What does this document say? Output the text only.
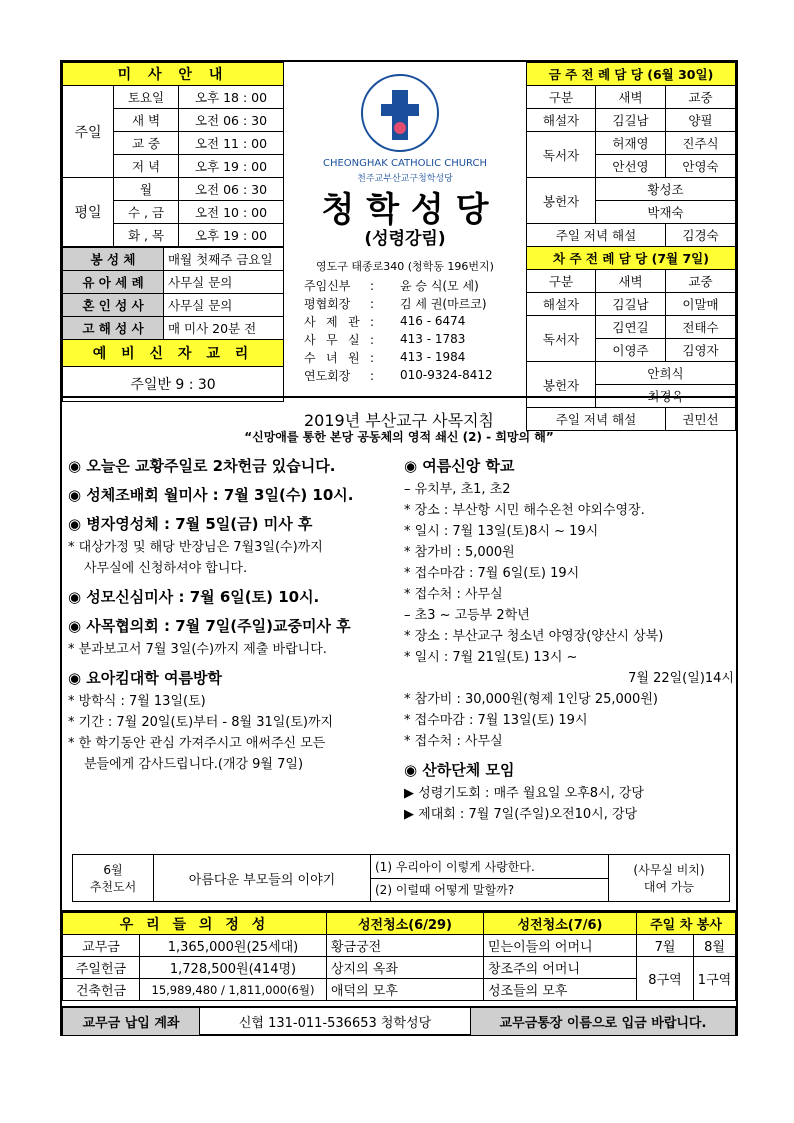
미 사 안 내		
주일	토요일	오후 18 : 00
	새 벽	오전 06 : 30
	교 중	오전 11 : 00
	저 녁	오후 19 : 00
평일	월	오전 06 : 30
	수 , 금	오전 10 : 00
	화 , 목	오후 19 : 00
봉 성 체	매월 첫째주 금요일
유 아 세 례	사무실 문의
혼 인 성 사	사무실 문의
고 해 성 사	매 미사 20분 전
예 비 신 자 교 리	
주일반 9 : 30	
CHEONGHAK CATHOLIC CHURCH
천주교부산교구청학성당
청 학 성 당
(성령강림)
영도구 태종로340 (청학동 196번지)
주임신부 :	윤 승 식(모 세)
평협회장 :	김 세 권(마르코)
사 제 관 :	416 - 6474
사 무 실 :	413 - 1783
수 녀 원 :	413 - 1984
연도회장 :	010-9324-8412
금 주 전 례 담 당 (6월 30일)		
구분	새벽	교중
해설자	김길남	양필
독서자	허재영	진주식
	안선영	안영숙
봉헌자	황성조	
	박재숙	
주일 저녁 해설		김경숙
차 주 전 례 담 당 (7월 7일)		
구분	새벽	교중
해설자	김길남	이말매
독서자	김연길	전태수
	이영주	김영자
봉헌자	안희식	
	최경옥	
주일 저녁 해설		권민선
2019년 부산교구 사목지침
“신망애를 통한 본당 공동체의 영적 쇄신 (2) - 희망의 해”
◉ 오늘은 교황주일로 2차헌금 있습니다.
◉ 성체조배회 월미사 : 7월 3일(수) 10시.
◉ 병자영성체 : 7월 5일(금) 미사 후
* 대상가정 및 해당 반장님은 7월3일(수)까지
사무실에 신청하셔야 합니다.
◉ 성모신심미사 : 7월 6일(토) 10시.
◉ 사목협의회 : 7월 7일(주일)교중미사 후
* 분과보고서 7월 3일(수)까지 제출 바랍니다.
◉ 요아킴대학 여름방학
* 방학식 : 7월 13일(토)
* 기간 : 7월 20일(토)부터 - 8월 31일(토)까지
* 한 학기동안 관심 가져주시고 애써주신 모든
분들에게 감사드립니다.(개강 9월 7일)
◉ 여름신앙 학교
– 유치부, 초1, 초2
* 장소 : 부산항 시민 해수온천 야외수영장.
* 일시 : 7월 13일(토)8시 ~ 19시
* 참가비 : 5,000원
* 접수마감 : 7월 6일(토) 19시
* 접수처 : 사무실
– 초3 ~ 고등부 2학년
* 장소 : 부산교구 청소년 야영장(양산시 상북)
* 일시 : 7월 21일(토) 13시 ~
7월 22일(일)14시
* 참가비 : 30,000원(형제 1인당 25,000원)
* 접수마감 : 7월 13일(토) 19시
* 접수처 : 사무실
◉ 산하단체 모임
▶ 성령기도회 : 매주 월요일 오후8시, 강당
▶ 제대회 : 7월 7일(주일)오전10시, 강당
6월
추천도서	아름다운 부모들의 이야기	(1) 우리아이 이렇게 사랑한다.	(사무실 비치)
대여 가능
(2) 이럴때 어떻게 말할까?
우 리 들 의 정 성		성전청소(6/29)	성전청소(7/6)	주일 차 봉사	
교무금	1,365,000원(25세대)	황금궁전	믿는이들의 어머니	7월	8월
주일헌금	1,728,500원(414명)	상지의 옥좌	창조주의 어머니	8구역	1구역
건축헌금	15,989,480 / 1,811,000(6월)	애덕의 모후	성조들의 모후		
교무금 납입 계좌	신협 131-011-536653 청학성당	교무금통장 이름으로 입금 바랍니다.
